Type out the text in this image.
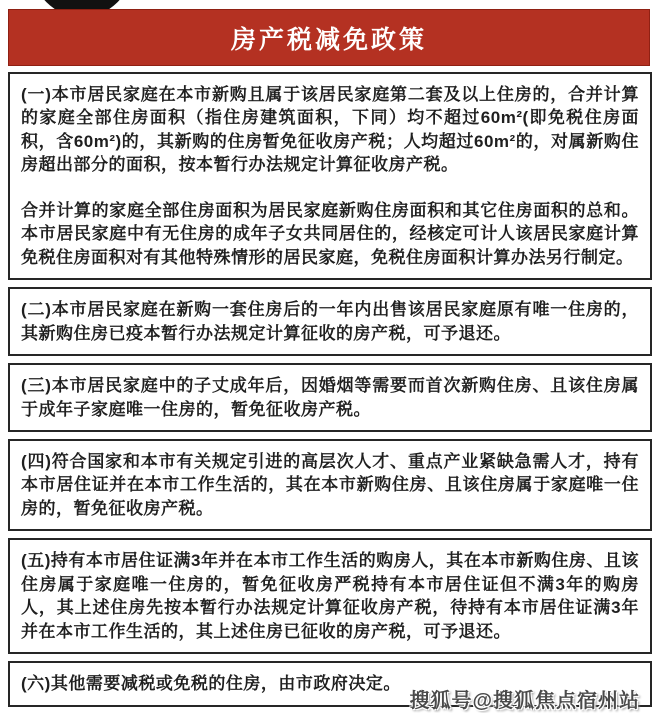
房产税减免政策

(一)本市居民家庭在本市新购且属于该居民家庭第二套及以上住房的，合并计算的家庭全部住房面积（指住房建筑面积，下同）均不超过60m²(即免税住房面积，含60m²)的，其新购的住房暂免征收房产税；人均超过60m²的，对属新购住房超出部分的面积，按本暂行办法规定计算征收房产税。

合并计算的家庭全部住房面积为居民家庭新购住房面积和其它住房面积的总和。本市居民家庭中有无住房的成年子女共同居住的，经核定可计人该居民家庭计算免税住房面积对有其他特殊情形的居民家庭，免税住房面积计算办法另行制定。

(二)本市居民家庭在新购一套住房后的一年内出售该居民家庭原有唯一住房的，其新购住房已疫本暂行办法规定计算征收的房产税，可予退还。

(三)本市居民家庭中的子丈成年后，因婚烟等需要而首次新购住房、且该住房属于成年子家庭唯一住房的，暂免征收房产税。

(四)符合国家和本市有关规定引进的高层次人才、重点产业紧缺急需人才，持有本市居住证并在本市工作生活的，其在本市新购住房、且该住房属于家庭唯一住房的，暂免征收房产税。

(五)持有本市居住证满3年并在本市工作生活的购房人，其在本市新购住房、且该住房属于家庭唯一住房的，暂免征收房严税持有本市居住证但不满3年的购房人，其上述住房先按本暂行办法规定计算征收房产税，待持有本市居住证满3年并在本市工作生活的，其上述住房已征收的房产税，可予退还。

(六)其他需要减税或免税的住房，由市政府决定。

搜狐号@搜狐焦点宿州站
